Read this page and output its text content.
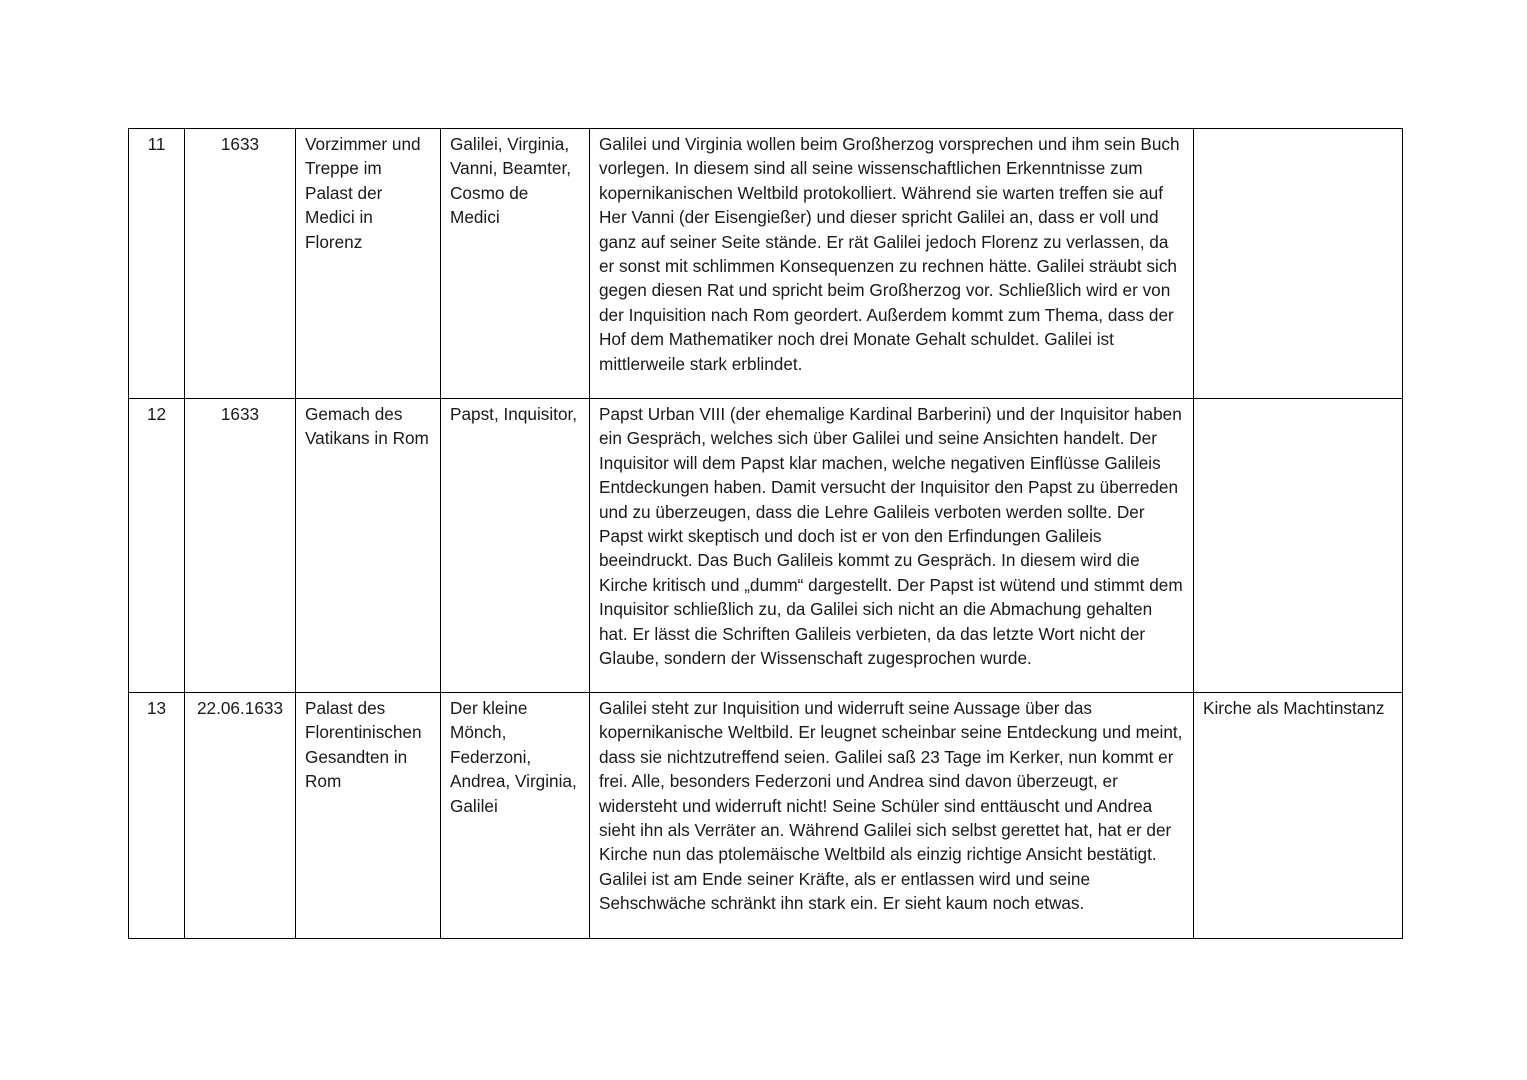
11	1633	Vorzimmer und Treppe im Palast der Medici in Florenz	Galilei, Virginia, Vanni, Beamter, Cosmo de Medici	Galilei und Virginia wollen beim Großherzog vorsprechen und ihm sein Buch vorlegen. In diesem sind all seine wissenschaftlichen Erkenntnisse zum kopernikanischen Weltbild protokolliert. Während sie warten treffen sie auf Her Vanni (der Eisengießer) und dieser spricht Galilei an, dass er voll und ganz auf seiner Seite stände. Er rät Galilei jedoch Florenz zu verlassen, da er sonst mit schlimmen Konsequenzen zu rechnen hätte. Galilei sträubt sich gegen diesen Rat und spricht beim Großherzog vor. Schließlich wird er von der Inquisition nach Rom geordert. Außerdem kommt zum Thema, dass der Hof dem Mathematiker noch drei Monate Gehalt schuldet. Galilei ist mittlerweile stark erblindet.	

12	1633	Gemach des Vatikans in Rom	Papst, Inquisitor,	Papst Urban VIII (der ehemalige Kardinal Barberini) und der Inquisitor haben ein Gespräch, welches sich über Galilei und seine Ansichten handelt. Der Inquisitor will dem Papst klar machen, welche negativen Einflüsse Galileis Entdeckungen haben. Damit versucht der Inquisitor den Papst zu überreden und zu überzeugen, dass die Lehre Galileis verboten werden sollte. Der Papst wirkt skeptisch und doch ist er von den Erfindungen Galileis beeindruckt. Das Buch Galileis kommt zu Gespräch. In diesem wird die Kirche kritisch und „dumm“ dargestellt. Der Papst ist wütend und stimmt dem Inquisitor schließlich zu, da Galilei sich nicht an die Abmachung gehalten hat. Er lässt die Schriften Galileis verbieten, da das letzte Wort nicht der Glaube, sondern der Wissenschaft zugesprochen wurde.	

13	22.06.1633	Palast des Florentinischen Gesandten in Rom	Der kleine Mönch, Federzoni, Andrea, Virginia, Galilei	Galilei steht zur Inquisition und widerruft seine Aussage über das kopernikanische Weltbild. Er leugnet scheinbar seine Entdeckung und meint, dass sie nichtzutreffend seien. Galilei saß 23 Tage im Kerker, nun kommt er frei. Alle, besonders Federzoni und Andrea sind davon überzeugt, er widersteht und widerruft nicht! Seine Schüler sind enttäuscht und Andrea sieht ihn als Verräter an. Während Galilei sich selbst gerettet hat, hat er der Kirche nun das ptolemäische Weltbild als einzig richtige Ansicht bestätigt. Galilei ist am Ende seiner Kräfte, als er entlassen wird und seine Sehschwäche schränkt ihn stark ein. Er sieht kaum noch etwas.	Kirche als Machtinstanz
